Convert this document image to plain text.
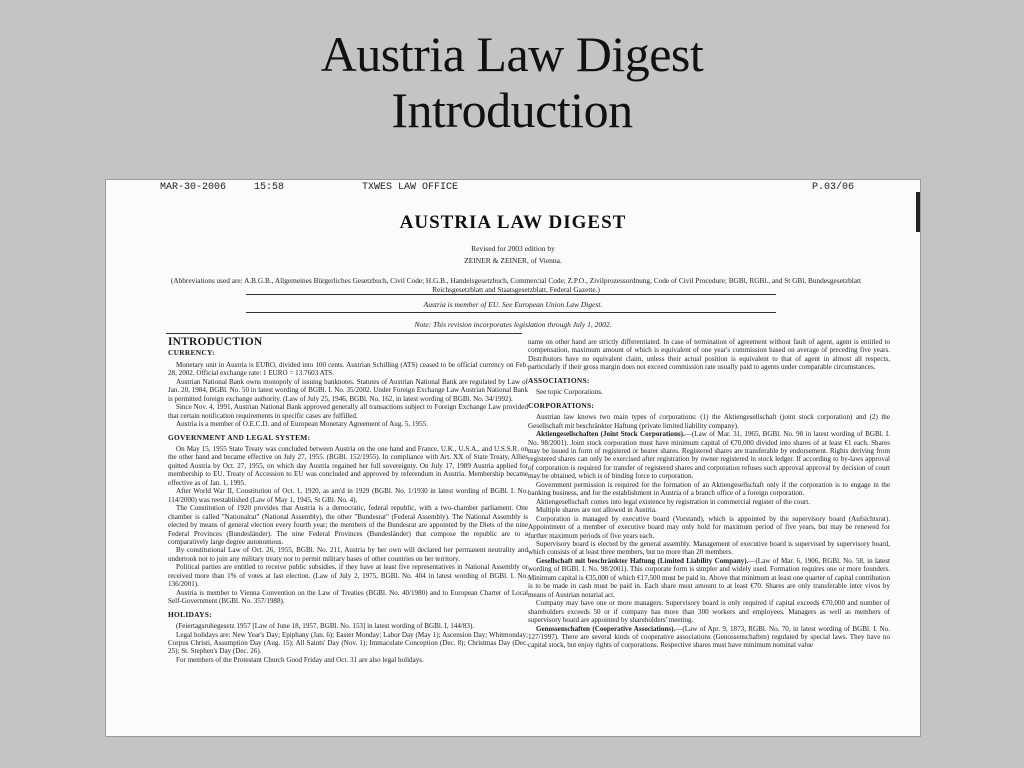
Austria Law Digest
Introduction
MAR-30-2006	15:58	TXWES LAW OFFICE	P.03/06
AUSTRIA LAW DIGEST
Revised for 2003 edition by
ZEINER & ZEINER, of Vienna.
(Abbreviations used are: A.B.G.B., Allgemeines Bürgerliches Gesetzbuch, Civil Code; H.G.B., Handelsgesetzbuch, Commercial Code; Z.P.O., Zivilprozessordnung, Code of Civil Procedure; BGBl, RGBl., and St GBl, Bundesgesetzblatt Reichsgesetzblatt and Staatsgesetzblatt, Federal Gazette.)
Austria is member of EU. See European Union Law Digest.
Note: This revision incorporates legislation through July 1, 2002.
INTRODUCTION
CURRENCY:

Monetary unit in Austria is EURO, divided into 100 cents. Austrian Schilling (ATS) ceased to be official currency on Feb. 28, 2002. Official exchange rate: 1 EURO = 13.7603 ATS.

Austrian National Bank owns monopoly of issuing banknotes. Statutes of Austrian National Bank are regulated by Law of Jan. 20, 1984, BGBl. No. 50 in latest wording of BGBl. I. No. 35/2002. Under Foreign Exchange Law Austrian National Bank is permitted foreign exchange authority. (Law of July 25, 1946, BGBl. No. 162, in latest wording of BGBl. No. 34/1992).

Since Nov. 4, 1991, Austrian National Bank approved generally all transactions subject to Foreign Exchange Law provided that certain notification requirements in specific cases are fulfilled.

Austria is a member of O.E.C.D. and of European Monetary Agreement of Aug. 5, 1955.

GOVERNMENT AND LEGAL SYSTEM:

On May 15, 1955 State Treaty was concluded between Austria on the one hand and France, U.K., U.S.A., and U.S.S.R. on the other hand and became effective on July 27, 1955. (BGBl. 152/1955). In compliance with Art. XX of State Treaty, Allies quitted Austria by Oct. 27, 1955, on which day Austria regained her full sovereignty. On July 17, 1989 Austria applied for membership to EU. Treaty of Accession to EU was concluded and approved by referendum in Austria. Membership became effective as of Jan. 1, 1995.

After World War II, Constitution of Oct. 1, 1920, as am'd in 1929 (BGBl. No. 1/1930 in latest wording of BGBl. I. No. 114/2000) was reestablished (Law of May 1, 1945, St GBl. No. 4).

The Constitution of 1920 provides that Austria is a democratic, federal republic, with a two-chamber parliament. One chamber is called "Nationalrat" (National Assembly), the other "Bundesrat" (Federal Assembly). The National Assembly is elected by means of general election every fourth year; the members of the Bundesrat are appointed by the Diets of the nine Federal Provinces (Bundesländer). The nine Federal Provinces (Bundesländer) that compose the republic are to a comparatively large degree autonomous.

By constitutional Law of Oct. 26, 1955, BGBl. No. 211, Austria by her own will declared her permanent neutrality and undertook not to join any military treaty nor to permit military bases of other countries on her territory.

Political parties are entitled to receive public subsidies, if they have at least five representatives in National Assembly or received more than 1% of votes at last election. (Law of July 2, 1975, BGBl. No. 404 in latest wording of BGBl. I. No. 136/2001).

Austria is member to Vienna Convention on the Law of Treaties (BGBl. No. 40/1980) and to European Charter of Local Self-Government (BGBl. No. 357/1988).

HOLIDAYS:

(Feiertagsruhegesetz 1957 [Law of June 18, 1957, BGBl. No. 153] in latest wording of BGBl. I, 144/83).

Legal holidays are: New Year's Day; Epiphany (Jan. 6); Easter Monday; Labor Day (May 1); Ascension Day; Whitmonday; Corpus Christi, Assumption Day (Aug. 15); All Saints' Day (Nov. 1); Immaculate Conception (Dec. 8); Christmas Day (Dec. 25); St. Stephen's Day (Dec. 26).

For members of the Protestant Church Good Friday and Oct. 31 are also legal holidays.

name on other hand are strictly differentiated. In case of termination of agreement without fault of agent, agent is entitled to compensation, maximum amount of which is equivalent of one year's commission based on average of preceding five years. Distributors have no equivalent claim, unless their actual position is equivalent to that of agent in almost all respects, particularly if their gross margin does not exceed commission rate usually paid to agents under comparable circumstances.

ASSOCIATIONS:

See topic Corporations.

CORPORATIONS:

Austrian law knows two main types of corporations: (1) the Aktiengesellschaft (joint stock corporation) and (2) the Gesellschaft mit beschränkter Haftung (private limited liability company).

Aktiengesellschaften (Joint Stock Corporations).—(Law of Mar. 31, 1965, BGBl. No. 98 in latest wording of BGBl. I. No. 98/2001). Joint stock corporation must have minimum capital of €70,000 divided into shares of at least €1 each. Shares may be issued in form of registered or bearer shares. Registered shares are transferable by endorsement. Rights deriving from registered shares can only be exercised after registration by owner registered in stock ledger. If according to by-laws approval of corporation is required for transfer of registered shares and corporation refuses such approval approval by decision of court may be obtained, which is of binding force to corporation.

Government permission is required for the formation of an Aktiengesellschaft only if the corporation is to engage in the banking business, and for the establishment in Austria of a branch office of a foreign corporation.

Aktiengesellschaft comes into legal existence by registration in commercial register of the court.

Multiple shares are not allowed in Austria.

Corporation is managed by executive board (Vorstand), which is appointed by the supervisory board (Aufsichtsrat). Appointment of a member of executive board may only hold for maximum period of five years, but may be renewed for further maximum periods of five years each.

Supervisory board is elected by the general assembly. Management of executive board is supervised by supervisory board, which consists of at least three members, but no more than 20 members.

Gesellschaft mit beschränkter Haftung (Limited Liability Company).—(Law of Mar. 6, 1906, RGBl. No. 58, in latest wording of BGBl. I. No. 98/2001). This corporate form is simpler and widely used. Formation requires one or more founders. Minimum capital is €35,000 of which €17,500 must be paid in. Above that minimum at least one quarter of capital contribution is to be made in cash must be paid in. Each share must amount to at least €70. Shares are only transferable inter vivos by means of Austrian notarial act.

Company may have one or more managers. Supervisory board is only required if capital exceeds €70,000 and number of shareholders exceeds 50 or if company has more than 300 workers and employees. Managers as well as members of supervisory board are appointed by shareholders' meeting.

Genossenschaften (Cooperative Associations).—(Law of Apr. 9, 1873, RGBl. No. 70, in latest wording of BGBl. I. No. 127/1997). There are several kinds of cooperative associations (Genossenschaften) regulated by special laws. They have no capital stock, but enjoy rights of corporations. Respective shares must have minimum nominal value
